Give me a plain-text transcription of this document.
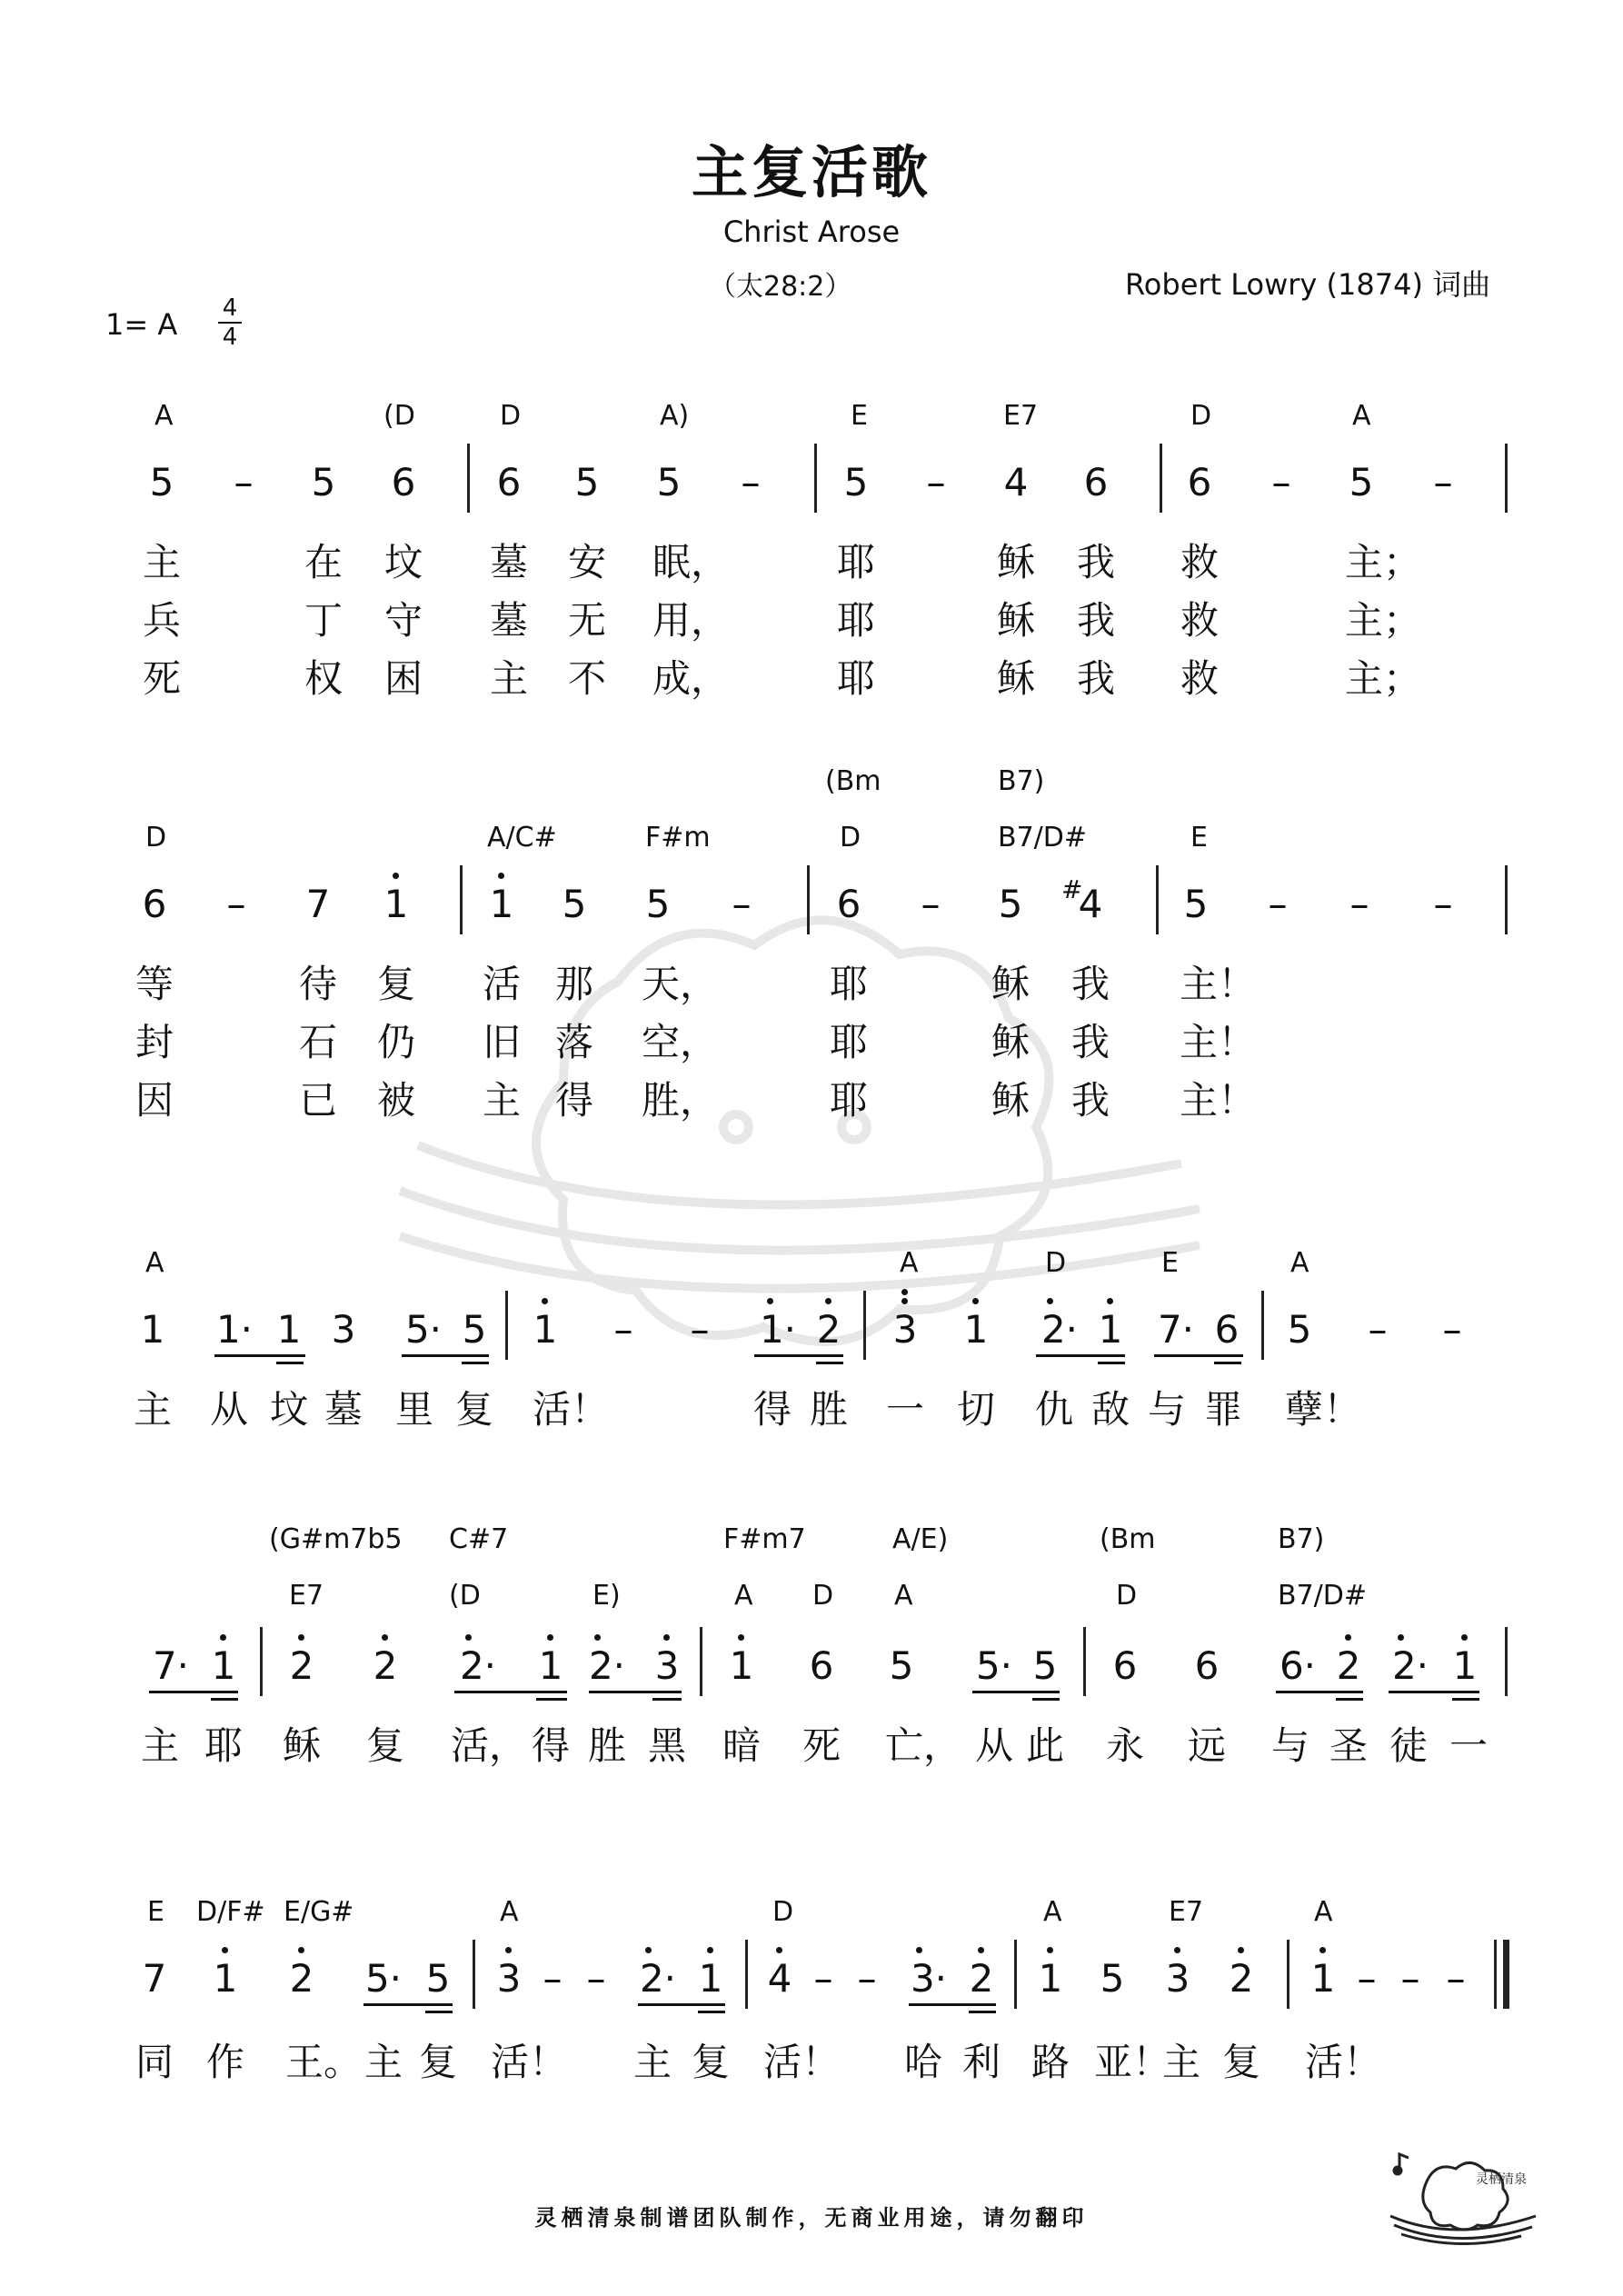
主复活歌
Christ Arose
（太28:2）	Robert Lowry (1874) 词曲
1= A 4
4
A	(D	D	A)	E	E7	D	A
5	–	5	6	6	5	5	–	5	–	4	6	6	–	5	–
主	在 坟 墓 安 眠，	耶	稣 我 救	主；
兵	丁 守 墓 无 用，	耶	稣 我 救	主；
死	权 困 主 不 成，	耶	稣 我 救	主；
(Bm	B7)
D	A/C#	F#m	D	B7/D#	E
6	–	7	1	1	5	5	–	6	–	5	#
4	5	–	–	–
等	待 复 活 那 天，	耶	稣 我 主！
封	石 仍 旧 落 空，	耶	稣 我 主！
因	已 被 主 得 胜，	耶	稣 我 主！
A	A	D	E	A
1	1· 1 3	5· 5	1	–	–	1· 2	3	1	2· 1 7· 6	5	–	–
主 从 坟 墓 里 复 活！	得 胜 一 切 仇 敌 与 罪 孽！
(G#m7b5 C#7	F#m7	A/E)	(Bm	B7)
E7	(D	E)	A D A	D	B7/D#
7· 1	2	2	2·	1 2· 3	1	6	5	5· 5	6	6	6· 2 2· 1
主 耶 稣 复 活， 得 胜 黑 暗 死 亡， 从 此 永 远 与 圣 徒 一
E D/F# E/G#	A	D	A	E7	A
7	1	2	5· 5	3 – – 2· 1	4 – – 3· 2	1 5	3	2	1 – – –
同 作 王。 主 复 活！ 主 复 活！ 哈 利 路 亚！
主 复 活！
灵栖清泉制谱团队制作，无商业用途，请勿翻印
灵栖清泉
